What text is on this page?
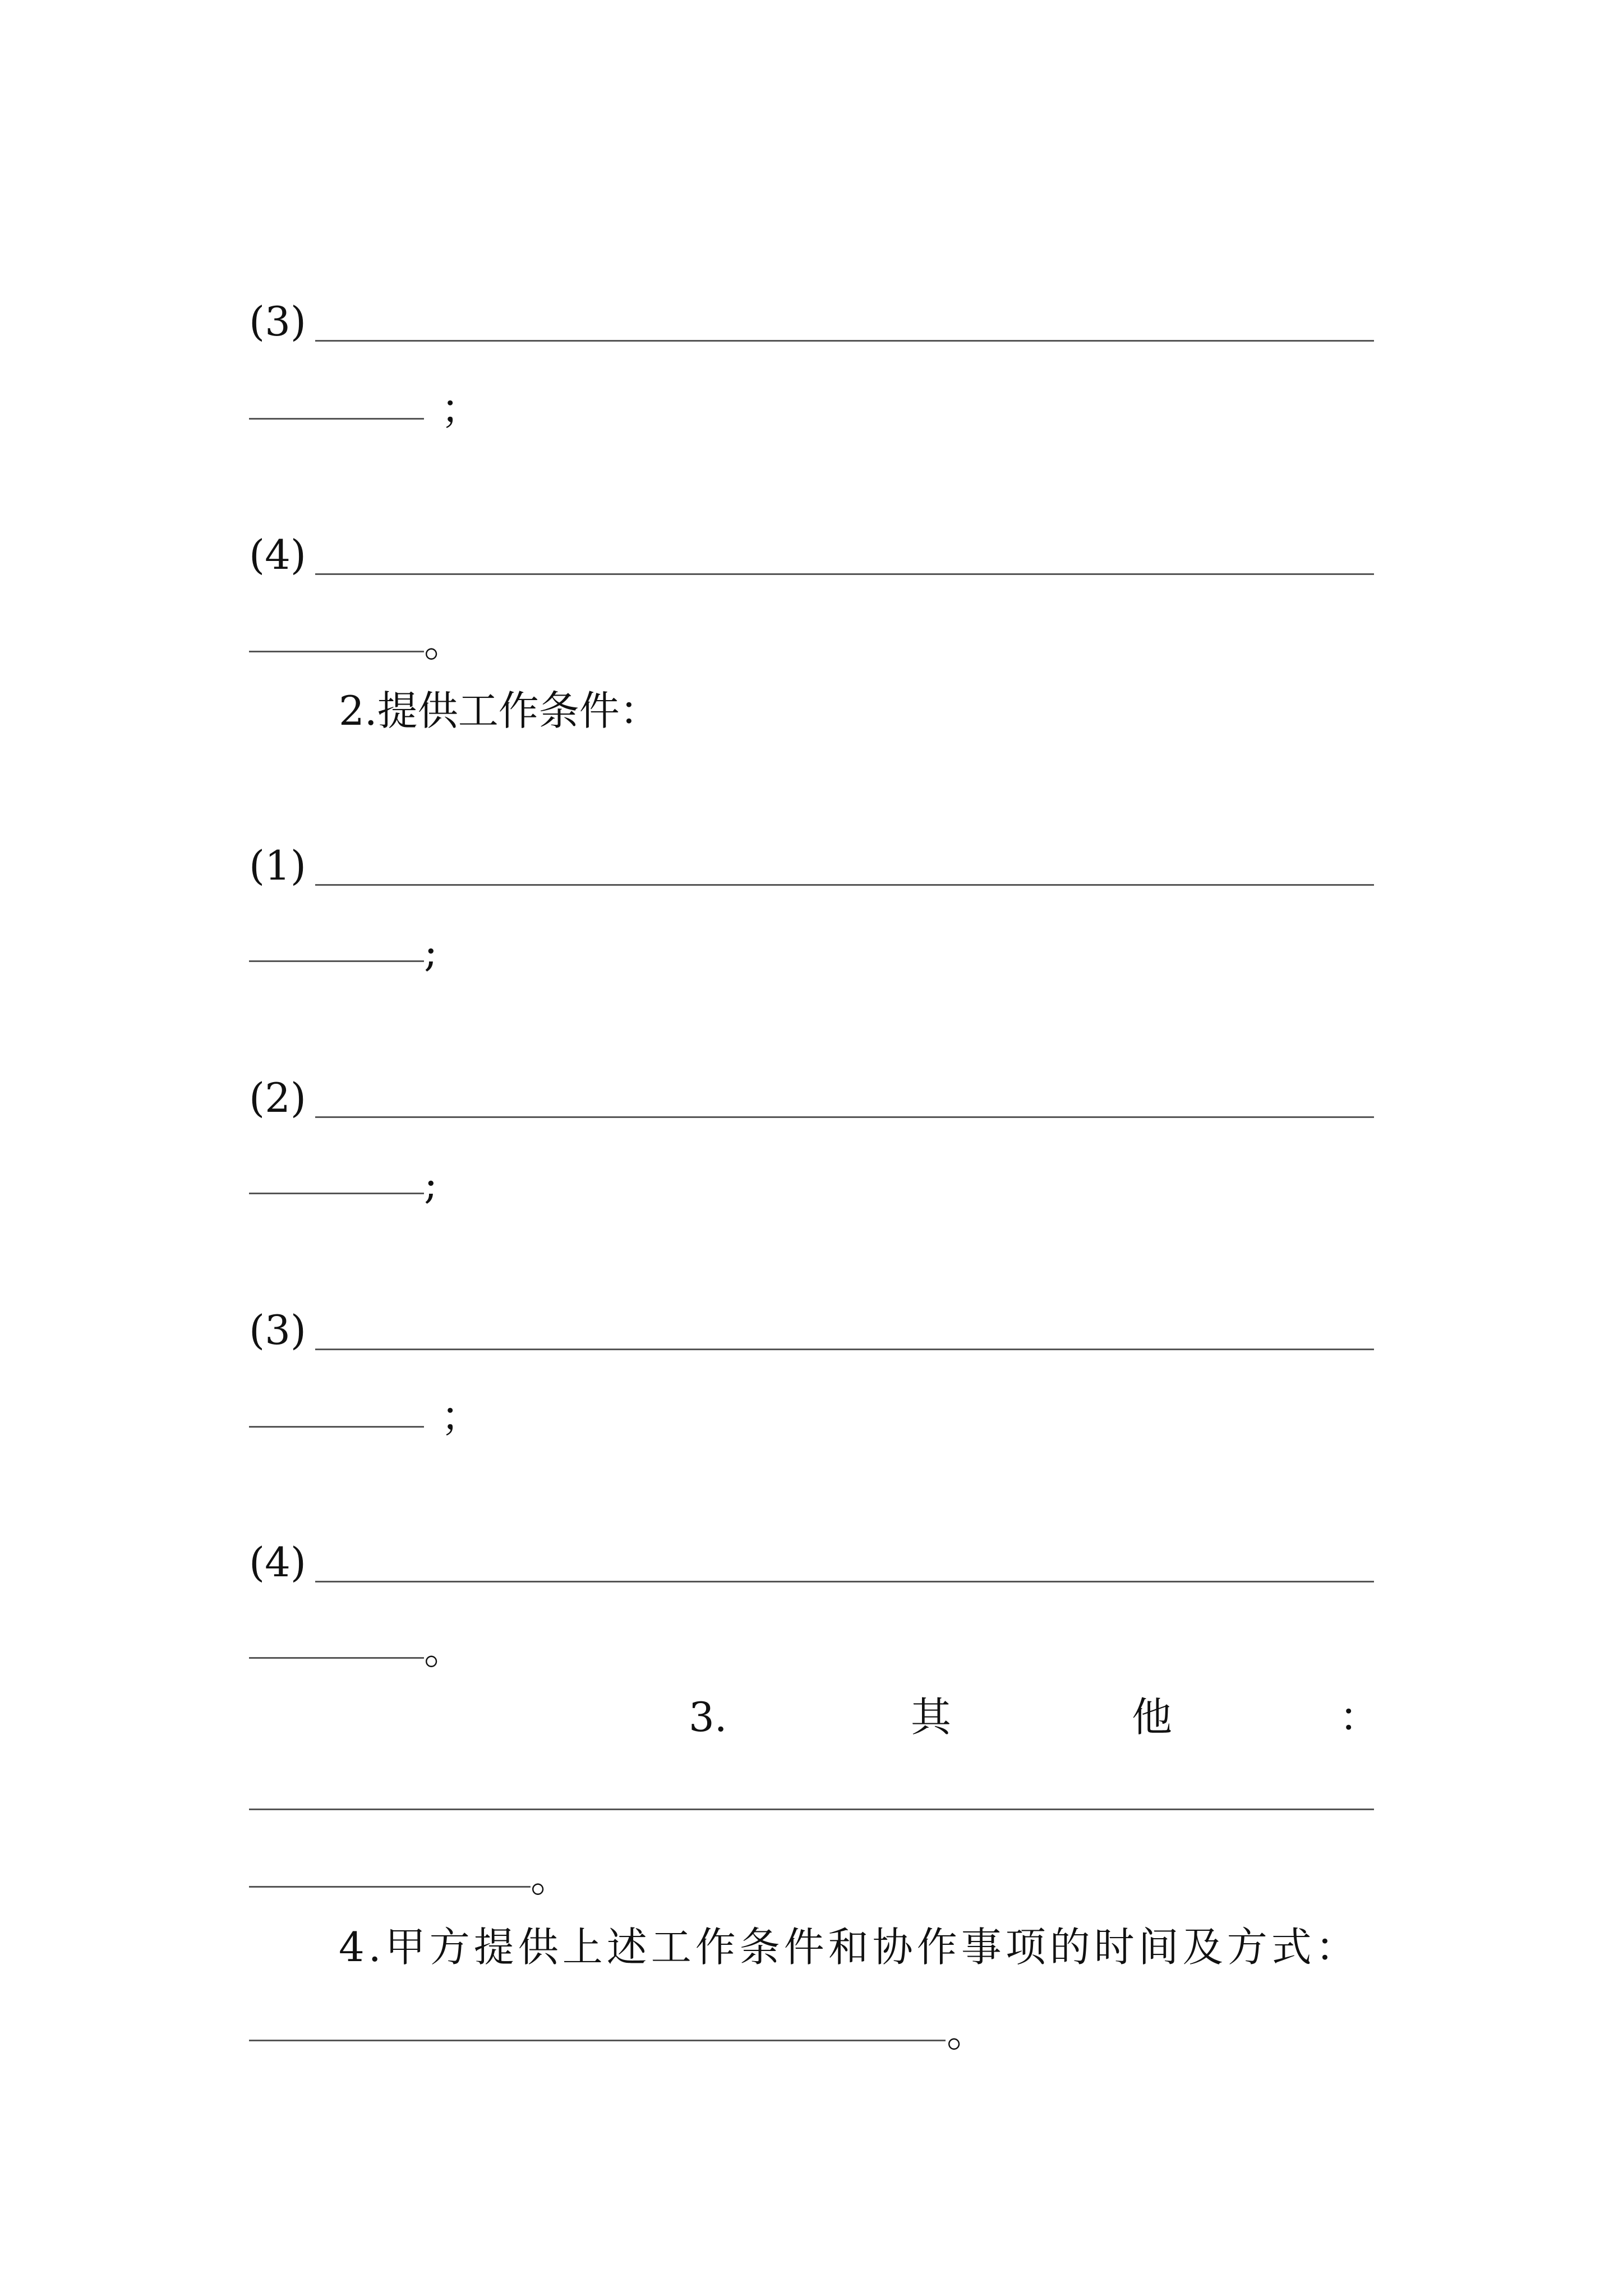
(3)
；
(4)
。
2.提供工作条件：
(1)
;
(2)
;
(3)
；
(4)
。
3.	其	他	：
。
4.甲方提供上述工作条件和协作事项的时间及方式：
。
